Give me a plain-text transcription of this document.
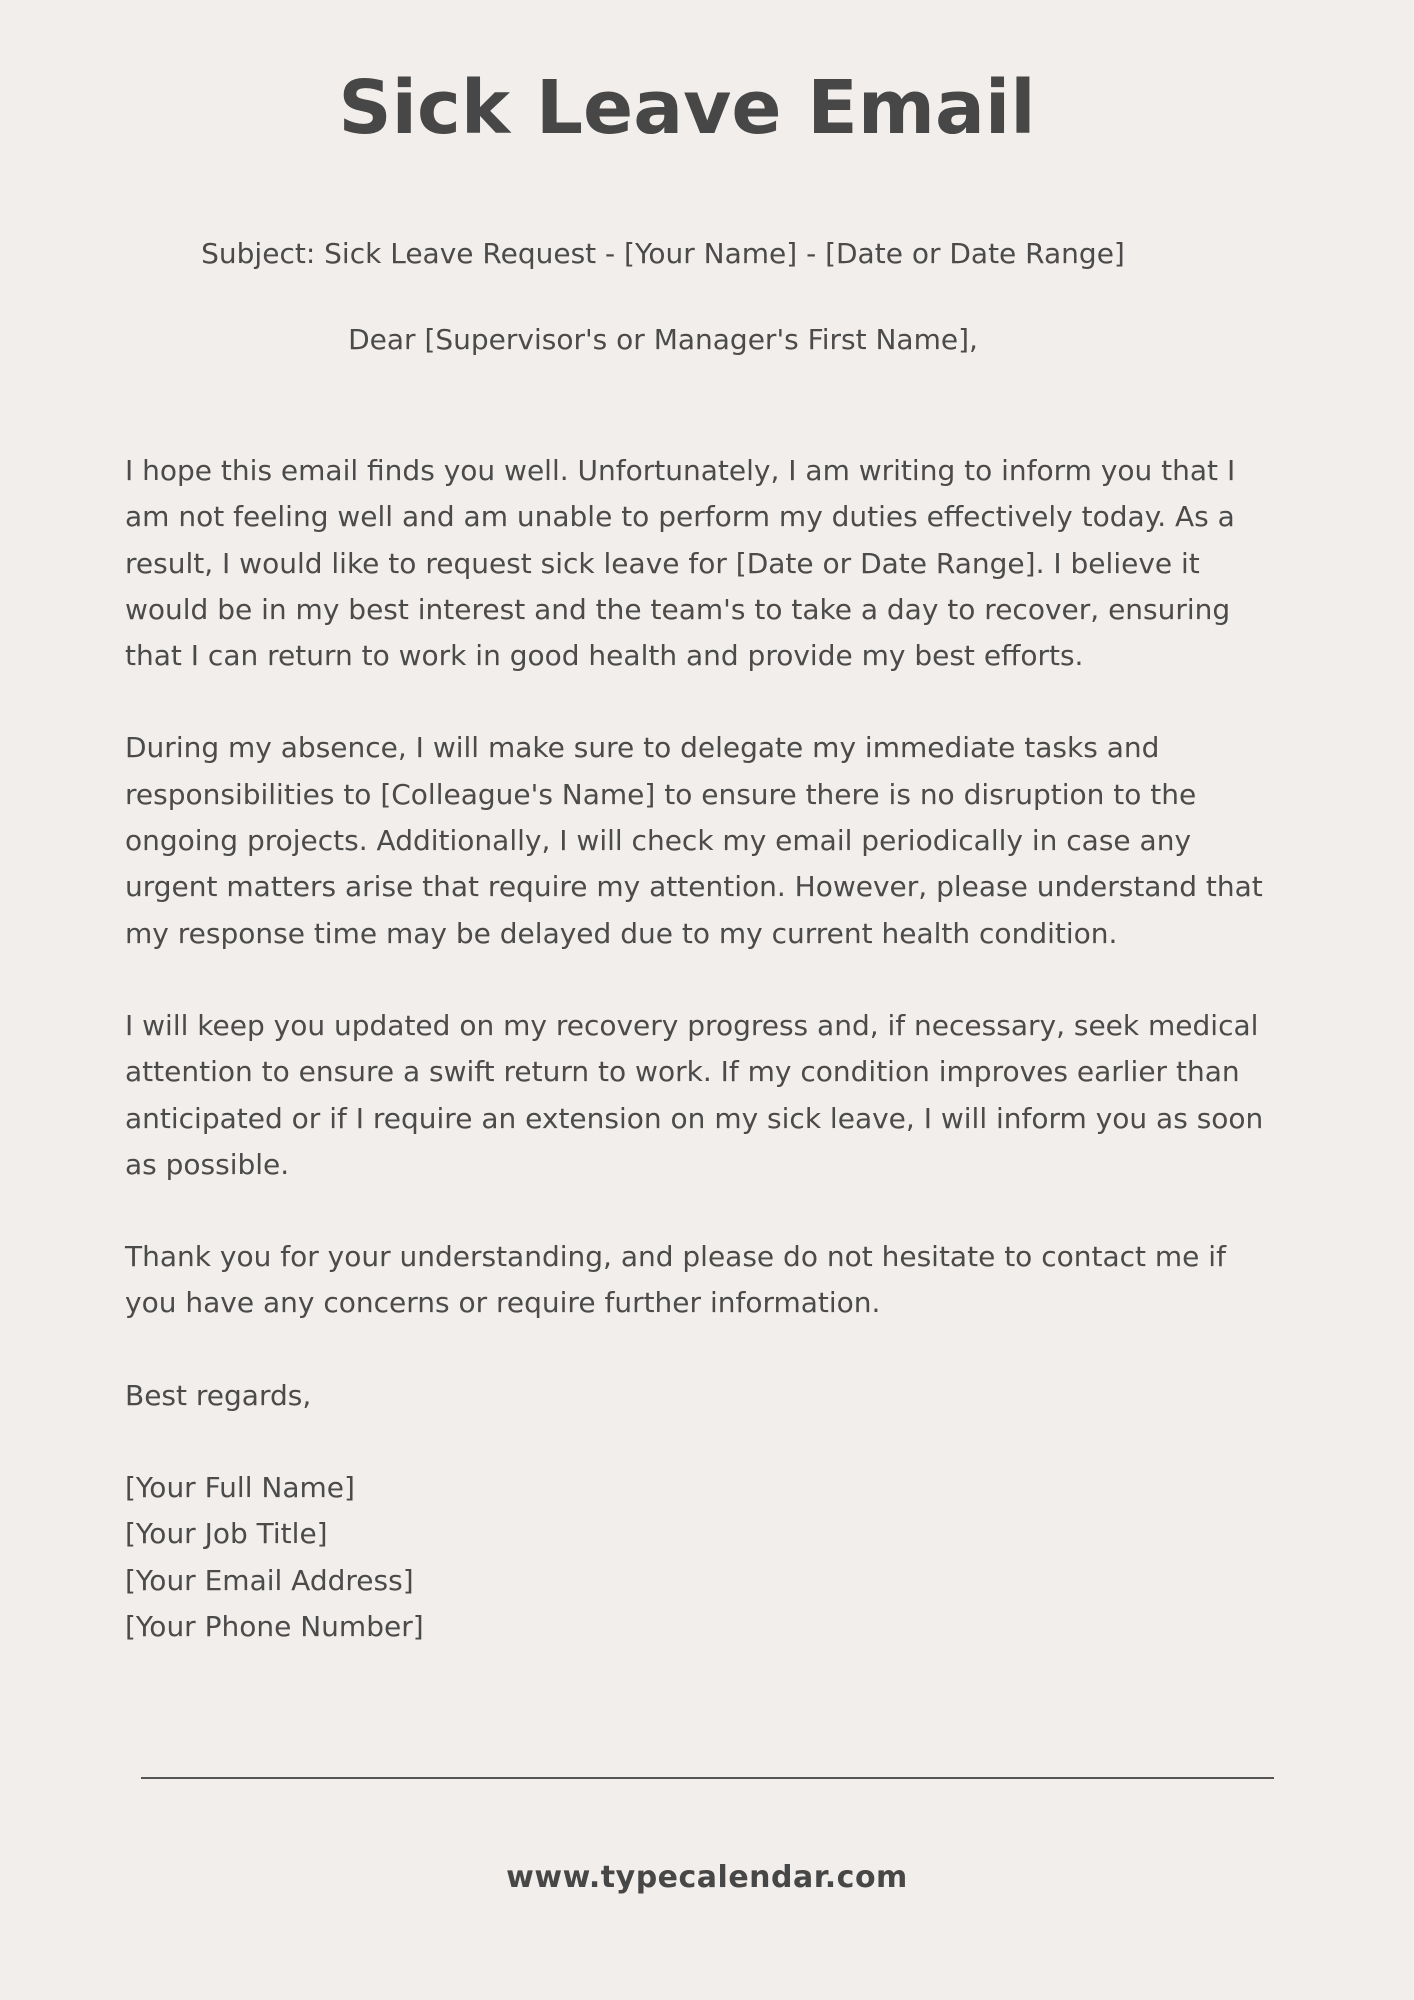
Sick Leave Email
Subject: Sick Leave Request - [Your Name] - [Date or Date Range]
Dear [Supervisor's or Manager's First Name],

I hope this email finds you well. Unfortunately, I am writing to inform you that I am not feeling well and am unable to perform my duties effectively today. As a result, I would like to request sick leave for [Date or Date Range]. I believe it would be in my best interest and the team's to take a day to recover, ensuring that I can return to work in good health and provide my best efforts.

During my absence, I will make sure to delegate my immediate tasks and responsibilities to [Colleague's Name] to ensure there is no disruption to the ongoing projects. Additionally, I will check my email periodically in case any urgent matters arise that require my attention. However, please understand that my response time may be delayed due to my current health condition.

I will keep you updated on my recovery progress and, if necessary, seek medical attention to ensure a swift return to work. If my condition improves earlier than anticipated or if I require an extension on my sick leave, I will inform you as soon as possible.

Thank you for your understanding, and please do not hesitate to contact me if you have any concerns or require further information.

Best regards,

[Your Full Name]
[Your Job Title]
[Your Email Address]
[Your Phone Number]
www.typecalendar.com
